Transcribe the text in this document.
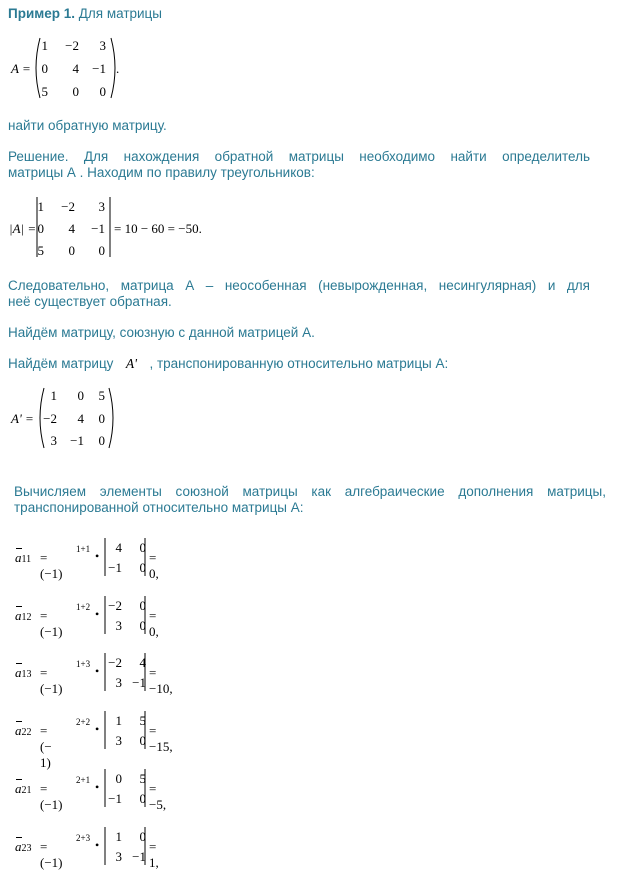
Пример 1. Для матрицы
A =
1	−2	3
0	4	−1
5	0	0
.
найти обратную матрицу.
Решение. Для нахождения обратной матрицы необходимо найти определитель
матрицы А . Находим по правилу треугольников:
|A| =
1	−2	3
0	4	−1
5	0	0
= 10 − 60 = −50.
Следовательно, матрица А – неособенная (невырожденная, несингулярная) и для
неё существует обратная.
Найдём матрицу, союзную с данной матрицей А.
Найдём матрицу A' , транспонированную относительно матрицы А:
A' =
1	0	5
−2	4	0
3	−1	0
Вычисляем элементы союзной матрицы как алгебраические дополнения матрицы,
транспонированной относительно матрицы А:
a
11 = (−1)
1+1 •
4	0
−1	0
= 0,
a
12 = (−1)
1+2 •
−2	0
3	0
= 0,
a
13 = (−1)
1+3 •
−2	4
3 −1
= −10,
a
22 = (− 1)
2+2 •
1	5
3	0
= −15,
a
21 = (−1)
2+1 •
0	5
−1	0
= −5,
a
23 = (−1)
2+3 •
1	0
3 −1
= 1,
